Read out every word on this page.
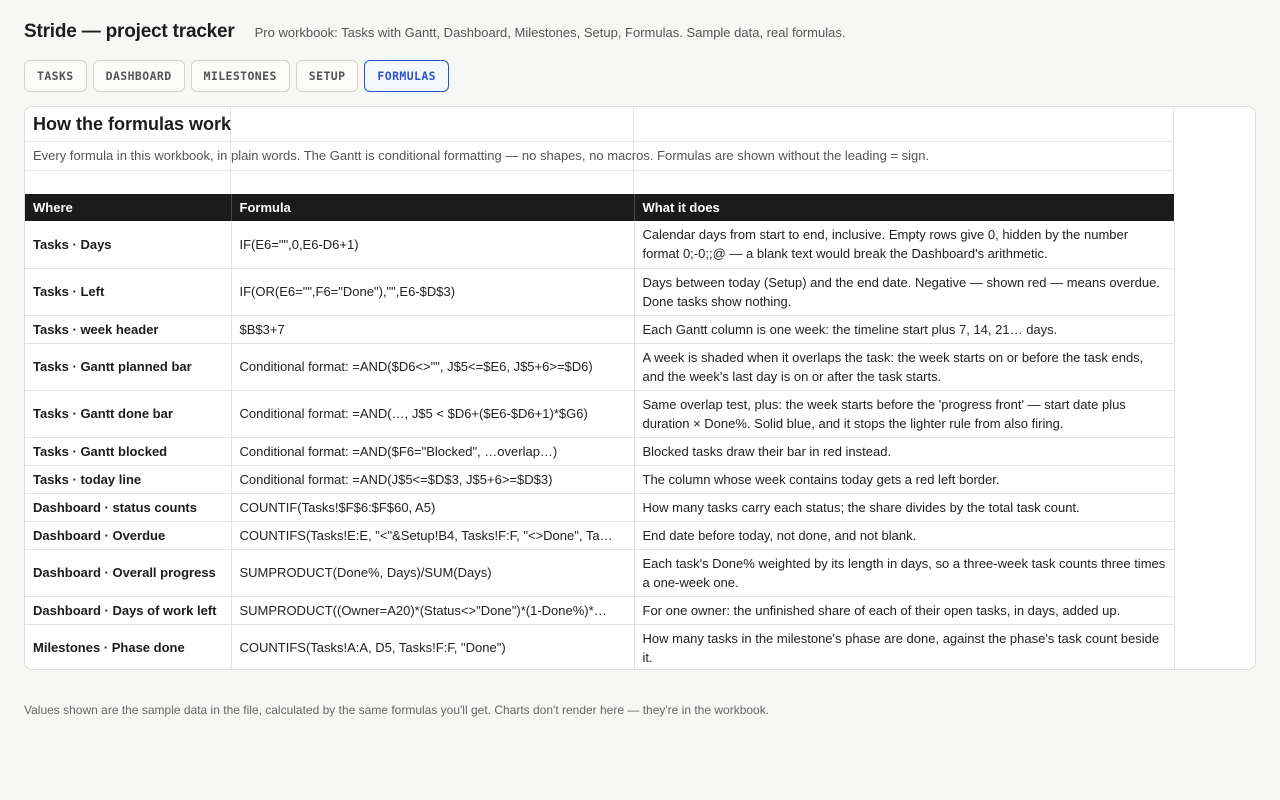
Stride — project tracker Pro workbook: Tasks with Gantt, Dashboard, Milestones, Setup, Formulas. Sample data, real formulas.
TASKS	DASHBOARD	MILESTONES	SETUP	FORMULAS
How the formulas work
Every formula in this workbook, in plain words. The Gantt is conditional formatting — no shapes, no macros. Formulas are shown without the leading = sign.
Where	Formula	What it does
Tasks · Days	IF(E6="",0,E6-D6+1)	Calendar days from start to end, inclusive. Empty rows give 0, hidden by the number format 0;-0;;@ — a blank text would break the Dashboard's arithmetic.
Tasks · Left	IF(OR(E6="",F6="Done"),"",E6-$D$3)	Days between today (Setup) and the end date. Negative — shown red — means overdue. Done tasks show nothing.
Tasks · week header	$B$3+7	Each Gantt column is one week: the timeline start plus 7, 14, 21… days.
Tasks · Gantt planned bar	Conditional format: =AND($D6<>"", J$5<=$E6, J$5+6>=$D6)	A week is shaded when it overlaps the task: the week starts on or before the task ends, and the week's last day is on or after the task starts.
Tasks · Gantt done bar	Conditional format: =AND(…, J$5 < $D6+($E6-$D6+1)*$G6)	Same overlap test, plus: the week starts before the 'progress front' — start date plus duration × Done%. Solid blue, and it stops the lighter rule from also firing.
Tasks · Gantt blocked	Conditional format: =AND($F6="Blocked", …overlap…)	Blocked tasks draw their bar in red instead.
Tasks · today line	Conditional format: =AND(J$5<=$D$3, J$5+6>=$D$3)	The column whose week contains today gets a red left border.
Dashboard · status counts	COUNTIF(Tasks!$F$6:$F$60, A5)	How many tasks carry each status; the share divides by the total task count.
Dashboard · Overdue	COUNTIFS(Tasks!E:E, "<"&Setup!B4, Tasks!F:F, "<>Done", Ta…	End date before today, not done, and not blank.
Dashboard · Overall progress	SUMPRODUCT(Done%, Days)/SUM(Days)	Each task's Done% weighted by its length in days, so a three-week task counts three times a one-week one.
Dashboard · Days of work left	SUMPRODUCT((Owner=A20)*(Status<>"Done")*(1-Done%)*…	For one owner: the unfinished share of each of their open tasks, in days, added up.
Milestones · Phase done	COUNTIFS(Tasks!A:A, D5, Tasks!F:F, "Done")	How many tasks in the milestone's phase are done, against the phase's task count beside it.
Values shown are the sample data in the file, calculated by the same formulas you'll get. Charts don't render here — they're in the workbook.
